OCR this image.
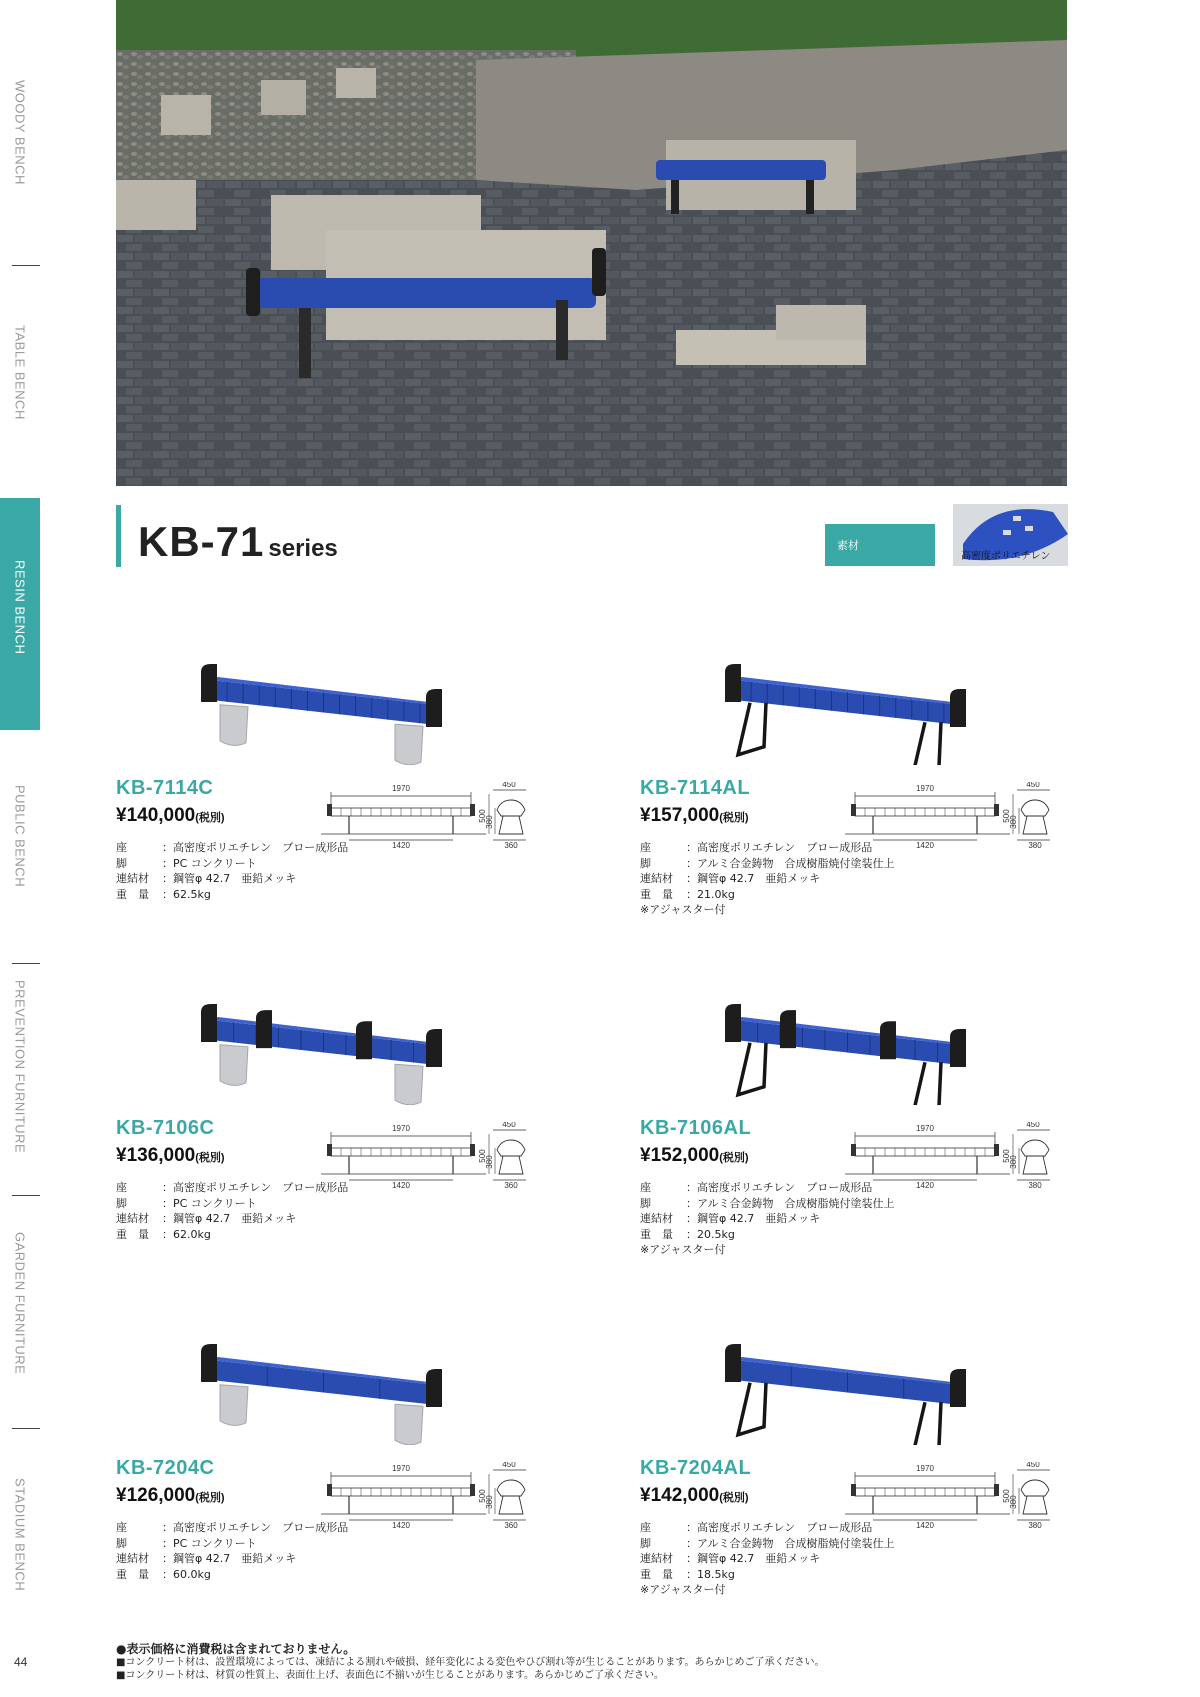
WOODY BENCH
TABLE BENCH
RESIN BENCH
PUBLIC BENCH
PREVENTION FURNITURE
GARDEN FURNITURE
STADIUM BENCH
44
KB-71 series	素材
高密度ポリエチレン
KB-7114C
¥140,000(税別)
1970
1420
450
500
380
360
座	：高密度ポリエチレン　ブロー成形品
脚	：PC コンクリート
連結材	：鋼管φ 42.7　亜鉛メッキ
重　量	：62.5kg
KB-7114AL
¥157,000(税別)
1970
1420
450
500
380
380
座	：高密度ポリエチレン　ブロー成形品
脚	：アルミ合金鋳物　合成樹脂焼付塗装仕上
連結材	：鋼管φ 42.7　亜鉛メッキ
重　量	：21.0kg
※アジャスター付
KB-7106C
¥136,000(税別)
1970
1420
450
500
380
360
座	：高密度ポリエチレン　ブロー成形品
脚	：PC コンクリート
連結材	：鋼管φ 42.7　亜鉛メッキ
重　量	：62.0kg
KB-7106AL
¥152,000(税別)
1970
1420
450
500
380
380
座	：高密度ポリエチレン　ブロー成形品
脚	：アルミ合金鋳物　合成樹脂焼付塗装仕上
連結材	：鋼管φ 42.7　亜鉛メッキ
重　量	：20.5kg
※アジャスター付
KB-7204C
¥126,000(税別)
1970
1420
450
500
380
360
座	：高密度ポリエチレン　ブロー成形品
脚	：PC コンクリート
連結材	：鋼管φ 42.7　亜鉛メッキ
重　量	：60.0kg
KB-7204AL
¥142,000(税別)
1970
1420
450
500
380
380
座	：高密度ポリエチレン　ブロー成形品
脚	：アルミ合金鋳物　合成樹脂焼付塗装仕上
連結材	：鋼管φ 42.7　亜鉛メッキ
重　量	：18.5kg
※アジャスター付
●表示価格に消費税は含まれておりません。
■コンクリート材は、設置環境によっては、凍結による割れや破損、経年変化による変色やひび割れ等が生じることがあります。あらかじめご了承ください。
■コンクリート材は、材質の性質上、表面仕上げ、表面色に不揃いが生じることがあります。あらかじめご了承ください。
